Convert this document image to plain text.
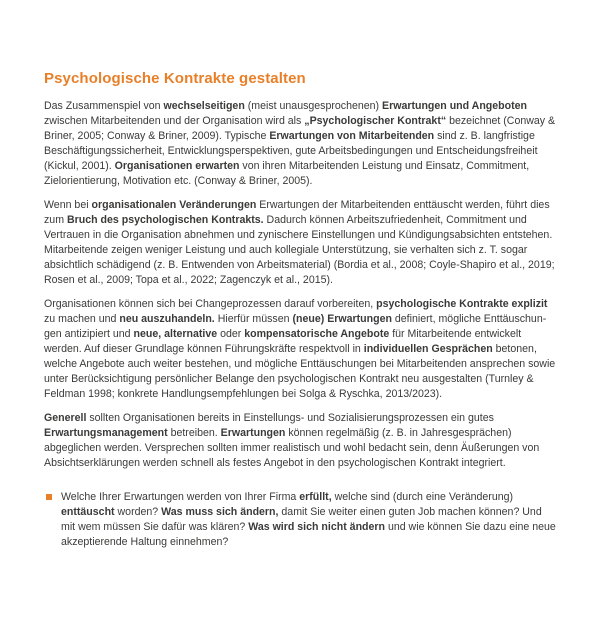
Psychologische Kontrakte gestalten

Das Zusammenspiel von wechselseitigen (meist unausgesprochenen) Erwartungen und Angeboten zwischen Mitarbeitenden und der Organisation wird als „Psychologischer Kontrakt“ bezeichnet (Conway & Briner, 2005; Conway & Briner, 2009). Typische Erwartungen von Mitarbeitenden sind z. B. langfristige Beschäftigungssicherheit, Entwicklungsperspektiven, gute Arbeitsbedingungen und Entscheidungsfreiheit (Kickul, 2001). Organisationen erwarten von ihren Mitarbeitenden Leistung und Einsatz, Commitment, Zielorientierung, Motivation etc. (Conway & Briner, 2005).

Wenn bei organisationalen Veränderungen Erwartungen der Mitarbeitenden enttäuscht werden, führt dies zum Bruch des psychologischen Kontrakts. Dadurch können Arbeitszufriedenheit, Commitment und Vertrauen in die Organisation abnehmen und zynischere Einstellungen und Kündigungsabsichten entstehen. Mitarbeitende zeigen weniger Leistung und auch kollegiale Unterstützung, sie verhalten sich z. T. sogar absichtlich schädigend (z. B. Entwenden von Arbeitsmaterial) (Bordia et al., 2008; Coyle-Shapiro et al., 2019; Rosen et al., 2009; Topa et al., 2022; Zagenczyk et al., 2015).

Organisationen können sich bei Changeprozessen darauf vorbereiten, psychologische Kontrakte explizit zu machen und neu auszuhandeln. Hierfür müssen (neue) Erwartungen definiert, mögliche Enttäuschungen antizipiert und neue, alternative oder kompensatorische Angebote für Mitarbeitende entwickelt werden. Auf dieser Grundlage können Führungskräfte respektvoll in individuellen Gesprächen betonen, welche Angebote auch weiter bestehen, und mögliche Enttäuschungen bei Mitarbeitenden ansprechen sowie unter Berücksichtigung persönlicher Belange den psychologischen Kontrakt neu ausgestalten (Turnley & Feldman 1998; konkrete Handlungsempfehlungen bei Solga & Ryschka, 2013/2023).

Generell sollten Organisationen bereits in Einstellungs- und Sozialisierungsprozessen ein gutes Erwartungsmanagement betreiben. Erwartungen können regelmäßig (z. B. in Jahresgesprächen) abgeglichen werden. Versprechen sollten immer realistisch und wohl bedacht sein, denn Äußerungen von Absichtserklärungen werden schnell als festes Angebot in den psychologischen Kontrakt integriert.

Welche Ihrer Erwartungen werden von Ihrer Firma erfüllt, welche sind (durch eine Veränderung) enttäuscht worden? Was muss sich ändern, damit Sie weiter einen guten Job machen können? Und mit wem müssen Sie dafür was klären? Was wird sich nicht ändern und wie können Sie dazu eine neue akzeptierende Haltung einnehmen?
